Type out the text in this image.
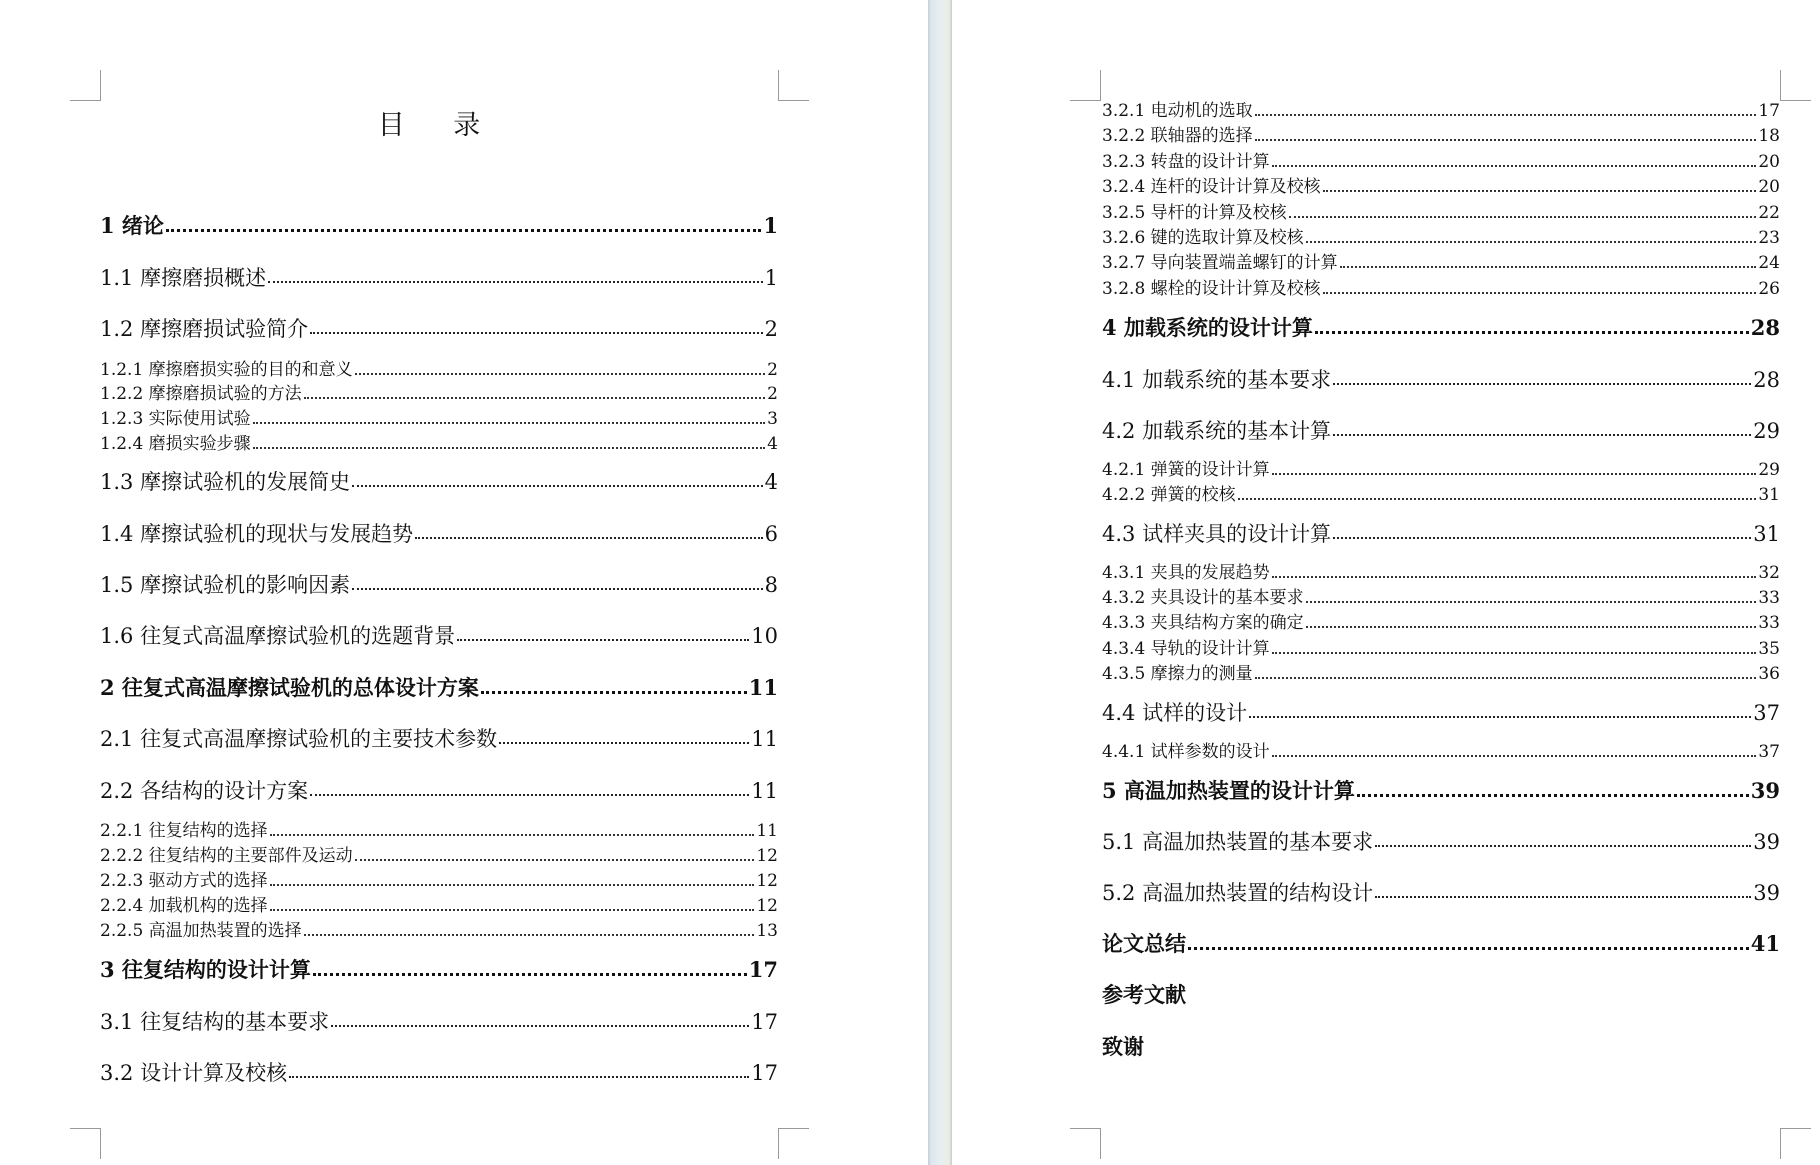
目 录
1 绪论	1
1.1 摩擦磨损概述	1
1.2 摩擦磨损试验简介	2
1.2.1 摩擦磨损实验的目的和意义	2
1.2.2 摩擦磨损试验的方法	2
1.2.3 实际使用试验	3
1.2.4 磨损实验步骤	4
1.3 摩擦试验机的发展简史	4
1.4 摩擦试验机的现状与发展趋势	6
1.5 摩擦试验机的影响因素	8
1.6 往复式高温摩擦试验机的选题背景	10
2 往复式高温摩擦试验机的总体设计方案	11
2.1 往复式高温摩擦试验机的主要技术参数	11
2.2 各结构的设计方案	11
2.2.1 往复结构的选择	11
2.2.2 往复结构的主要部件及运动	12
2.2.3 驱动方式的选择	12
2.2.4 加载机构的选择	12
2.2.5 高温加热装置的选择	13
3 往复结构的设计计算	17
3.1 往复结构的基本要求	17
3.2 设计计算及校核	17
3.2.1 电动机的选取	17
3.2.2 联轴器的选择	18
3.2.3 转盘的设计计算	20
3.2.4 连杆的设计计算及校核	20
3.2.5 导杆的计算及校核	22
3.2.6 键的选取计算及校核	23
3.2.7 导向装置端盖螺钉的计算	24
3.2.8 螺栓的设计计算及校核	26
4 加载系统的设计计算	28
4.1 加载系统的基本要求	28
4.2 加载系统的基本计算	29
4.2.1 弹簧的设计计算	29
4.2.2 弹簧的校核	31
4.3 试样夹具的设计计算	31
4.3.1 夹具的发展趋势	32
4.3.2 夹具设计的基本要求	33
4.3.3 夹具结构方案的确定	33
4.3.4 导轨的设计计算	35
4.3.5 摩擦力的测量	36
4.4 试样的设计	37
4.4.1 试样参数的设计	37
5 高温加热装置的设计计算	39
5.1 高温加热装置的基本要求	39
5.2 高温加热装置的结构设计	39
论文总结	41
参考文献
致谢
